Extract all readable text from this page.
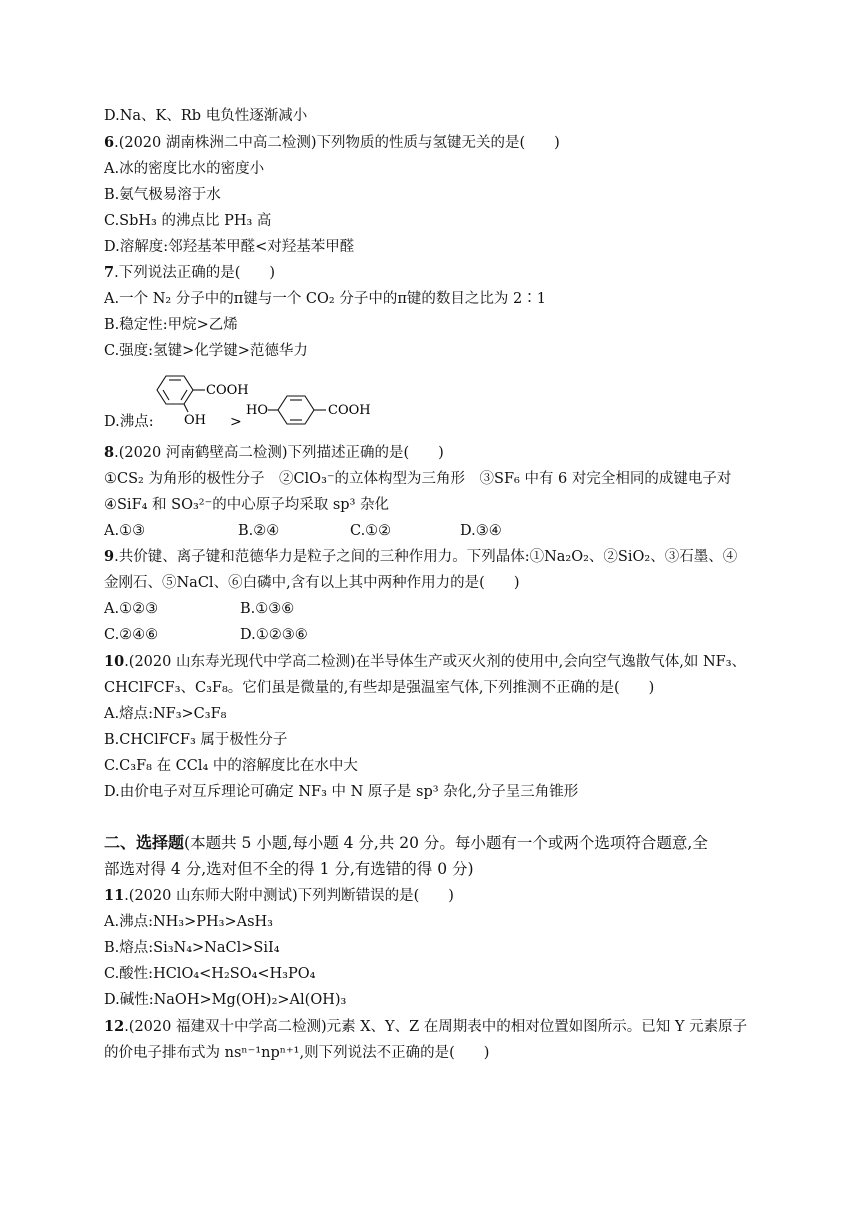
D.Na、K、Rb 电负性逐渐减小
6.(2020 湖南株洲二中高二检测)下列物质的性质与氢键无关的是(　　)
A.冰的密度比水的密度小
B.氨气极易溶于水
C.SbH₃ 的沸点比 PH₃ 高
D.溶解度:邻羟基苯甲醛<对羟基苯甲醛
7.下列说法正确的是(　　)
A.一个 N₂ 分子中的π键与一个 CO₂ 分子中的π键的数目之比为 2∶1
B.稳定性:甲烷>乙烯
C.强度:氢键>化学键>范德华力
D.沸点:
COOH
OH >
HO	COOH
8.(2020 河南鹤壁高二检测)下列描述正确的是(　　)
①CS₂ 为角形的极性分子　②ClO₃⁻的立体构型为三角形　③SF₆ 中有 6 对完全相同的成键电子对
④SiF₄ 和 SO₃²⁻的中心原子均采取 sp³ 杂化
A.①③	B.②④	C.①②	D.③④
9.共价键、离子键和范德华力是粒子之间的三种作用力。下列晶体:①Na₂O₂、②SiO₂、③石墨、④
金刚石、⑤NaCl、⑥白磷中,含有以上其中两种作用力的是(　　)
A.①②③	B.①③⑥
C.②④⑥	D.①②③⑥
10.(2020 山东寿光现代中学高二检测)在半导体生产或灭火剂的使用中,会向空气逸散气体,如 NF₃、
CHClFCF₃、C₃F₈。它们虽是微量的,有些却是强温室气体,下列推测不正确的是(　　)
A.熔点:NF₃>C₃F₈
B.CHClFCF₃ 属于极性分子
C.C₃F₈ 在 CCl₄ 中的溶解度比在水中大
D.由价电子对互斥理论可确定 NF₃ 中 N 原子是 sp³ 杂化,分子呈三角锥形
二、选择题(本题共 5 小题,每小题 4 分,共 20 分。每小题有一个或两个选项符合题意,全
部选对得 4 分,选对但不全的得 1 分,有选错的得 0 分)
11.(2020 山东师大附中测试)下列判断错误的是(　　)
A.沸点:NH₃>PH₃>AsH₃
B.熔点:Si₃N₄>NaCl>SiI₄
C.酸性:HClO₄<H₂SO₄<H₃PO₄
D.碱性:NaOH>Mg(OH)₂>Al(OH)₃
12.(2020 福建双十中学高二检测)元素 X、Y、Z 在周期表中的相对位置如图所示。已知 Y 元素原子
的价电子排布式为 nsⁿ⁻¹npⁿ⁺¹,则下列说法不正确的是(　　)
